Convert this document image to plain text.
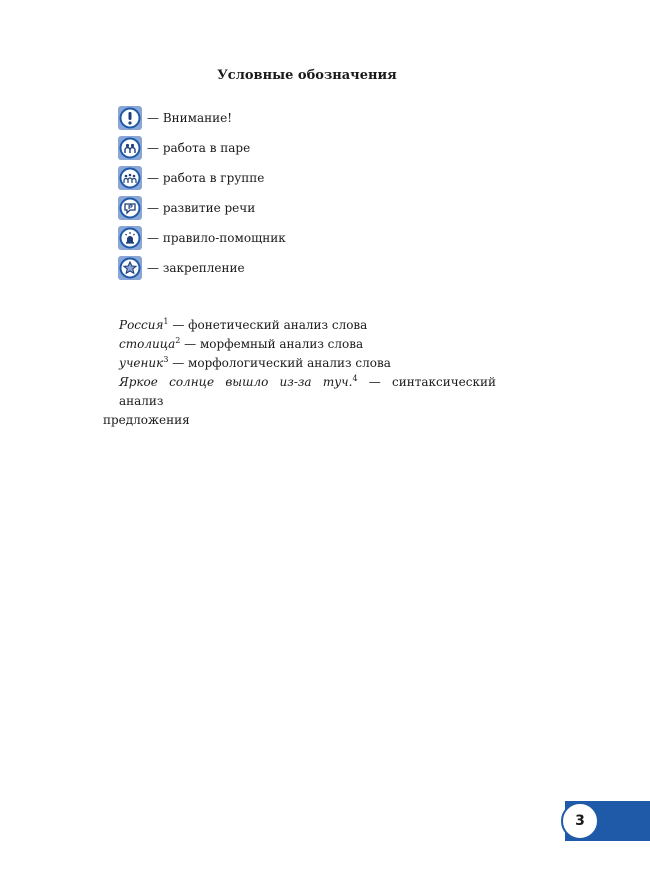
Условные обозначения
— Внимание!
— работа в паре
— работа в группе
— развитие речи
— правило-помощник
— закрепление
Россия$^1$ — фонетический анализ слова
столица$^2$ — морфемный анализ слова
ученик$^3$ — морфологический анализ слова
Яркое солнце вышло из-за туч.$^4$ — синтаксический анализ
предложения
3
